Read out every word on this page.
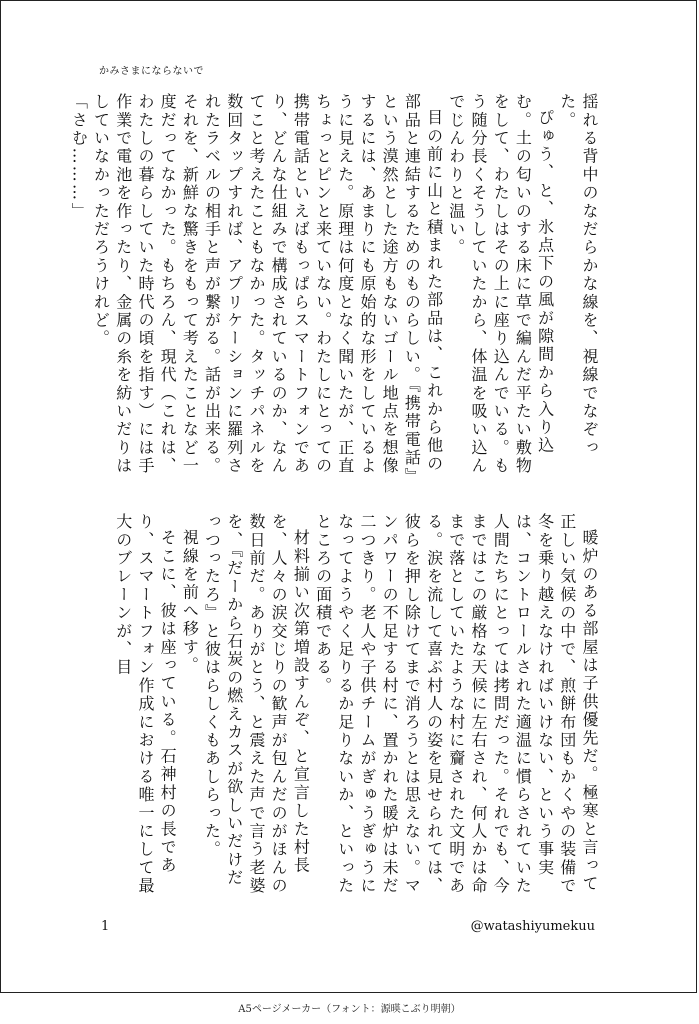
かみさまにならないで

揺れる背中のなだらかな線を、視線でなぞった。

ぴゅう、と、氷点下の風が隙間から入り込む。土の匂いのする床に草で編んだ平たい敷物をして、わたしはその上に座り込んでいる。もう随分長くそうしていたから、体温を吸い込んでじんわりと温い。

目の前に山と積まれた部品は、これから他の部品と連結するためのものらしい。『携帯電話』という漠然とした途方もないゴール地点を想像するには、あまりにも原始的な形をしているように見えた。原理は何度となく聞いたが、正直ちょっとピンと来ていない。わたしにとっての携帯電話といえばもっぱらスマートフォンであり、どんな仕組みで構成されているのか、なんてこと考えたこともなかった。タッチパネルを数回タップすれば、アプリケーションに羅列されたラベルの相手と声が繋がる。話が出来る。それを、新鮮な驚きをもって考えたことなど一度だってなかった。もちろん、現代（これは、わたしの暮らしていた時代の頃を指す）には手作業で電池を作ったり、金属の糸を紡いだりはしていなかっただろうけれど。

「さむ………」

暖炉のある部屋は子供優先だ。極寒と言って正しい気候の中で、煎餅布団もかくやの装備で冬を乗り越えなければいけない、という事実は、コントロールされた適温に慣らされていた人間たちにとっては拷問だった。それでも、今まではこの厳格な天候に左右され、何人かは命まで落としていたような村に齎された文明である。涙を流して喜ぶ村人の姿を見せられては、彼らを押し除けてまで消ろうとは思えない。マンパワーの不足する村に、置かれた暖炉は未だ二つきり。老人や子供チームがぎゅうぎゅうになってようやく足りるか足りないか、といったところの面積である。

材料揃い次第増設すんぞ、と宣言した村長を、人々の涙交じりの歓声が包んだのがほんの数日前だ。ありがとう、と震えた声で言う老婆を、『だーから石炭の燃えカスが欲しいだけだっつったろ』と彼はらしくもあしらった。

視線を前へ移す。

そこに、彼は座っている。石神村の長であり、スマートフォン作成における唯一にして最大のブレーンが、目

1	@watashiyumekuu
A5ページメーカー（フォント：源暎こぶり明朝）
